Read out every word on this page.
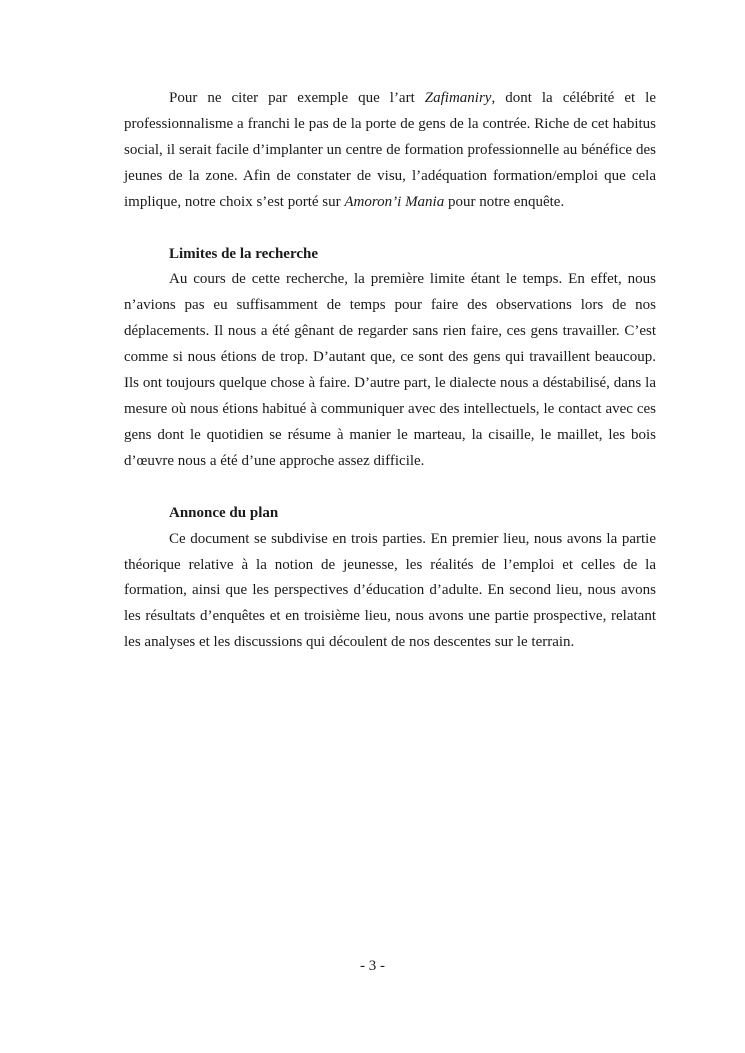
Pour ne citer par exemple que l’art Zafimaniry, dont la célébrité et le professionnalisme a franchi le pas de la porte de gens de la contrée. Riche de cet habitus social, il serait facile d’implanter un centre de formation professionnelle au bénéfice des jeunes de la zone. Afin de constater de visu, l’adéquation formation/emploi que cela implique, notre choix s’est porté sur Amoron’i Mania pour notre enquête.

Limites de la recherche

Au cours de cette recherche, la première limite étant le temps. En effet, nous n’avions pas eu suffisamment de temps pour faire des observations lors de nos déplacements. Il nous a été gênant de regarder sans rien faire, ces gens travailler. C’est comme si nous étions de trop. D’autant que, ce sont des gens qui travaillent beaucoup. Ils ont toujours quelque chose à faire. D’autre part, le dialecte nous a déstabilisé, dans la mesure où nous étions habitué à communiquer avec des intellectuels, le contact avec ces gens dont le quotidien se résume à manier le marteau, la cisaille, le maillet, les bois d’œuvre nous a été d’une approche assez difficile.

Annonce du plan

Ce document se subdivise en trois parties. En premier lieu, nous avons la partie théorique relative à la notion de jeunesse, les réalités de l’emploi et celles de la formation, ainsi que les perspectives d’éducation d’adulte. En second lieu, nous avons les résultats d’enquêtes et en troisième lieu, nous avons une partie prospective, relatant les analyses et les discussions qui découlent de nos descentes sur le terrain.

- 3 -
